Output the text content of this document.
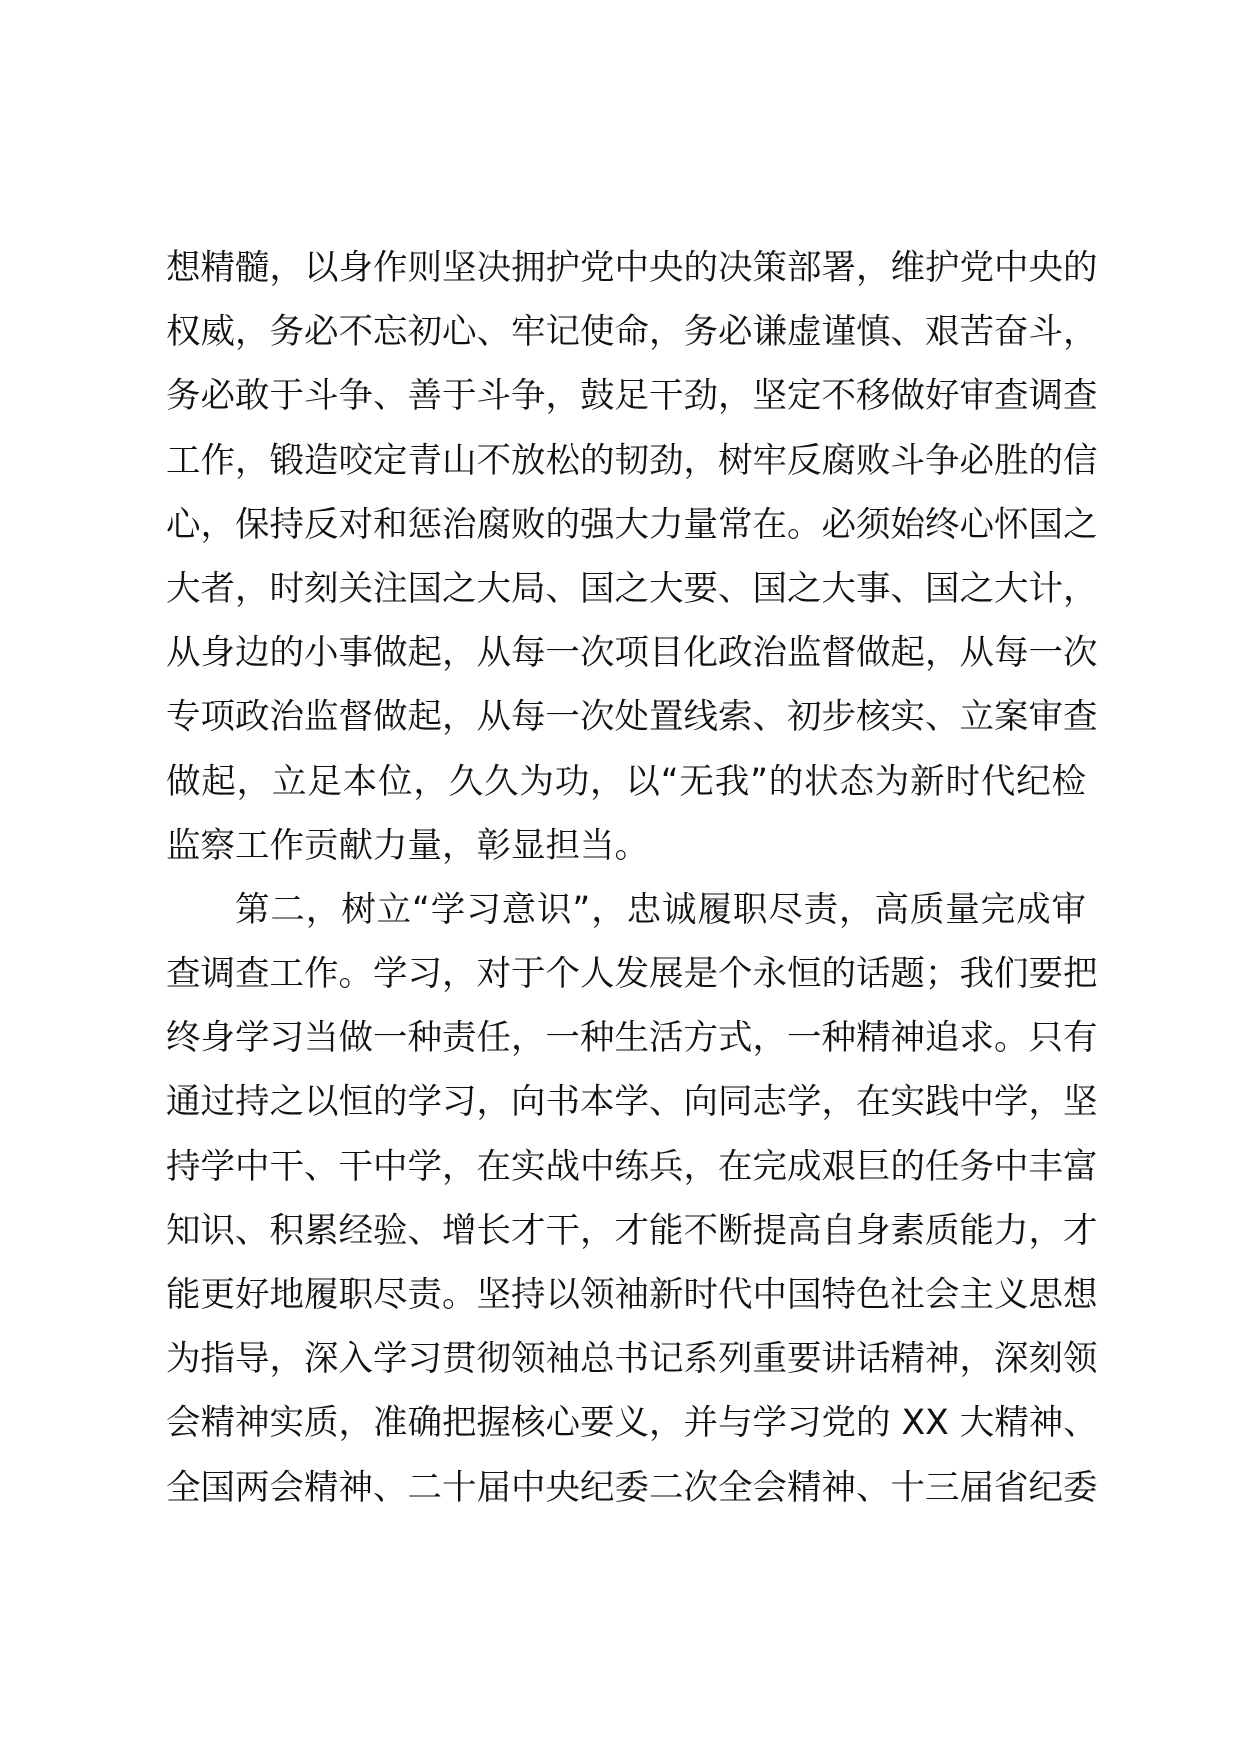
想精髓，以身作则坚决拥护党中央的决策部署，维护党中央的
权威，务必不忘初心、牢记使命，务必谦虚谨慎、艰苦奋斗，
务必敢于斗争、善于斗争，鼓足干劲，坚定不移做好审查调查
工作，锻造咬定青山不放松的韧劲，树牢反腐败斗争必胜的信
心，保持反对和惩治腐败的强大力量常在。必须始终心怀国之
大者，时刻关注国之大局、国之大要、国之大事、国之大计，
从身边的小事做起，从每一次项目化政治监督做起，从每一次
专项政治监督做起，从每一次处置线索、初步核实、立案审查
做起，立足本位，久久为功，以“无我”的状态为新时代纪检
监察工作贡献力量，彰显担当。
第二，树立“学习意识”，忠诚履职尽责，高质量完成审
查调查工作。学习，对于个人发展是个永恒的话题；我们要把
终身学习当做一种责任，一种生活方式，一种精神追求。只有
通过持之以恒的学习，向书本学、向同志学，在实践中学，坚
持学中干、干中学，在实战中练兵，在完成艰巨的任务中丰富
知识、积累经验、增长才干，才能不断提高自身素质能力，才
能更好地履职尽责。坚持以领袖新时代中国特色社会主义思想
为指导，深入学习贯彻领袖总书记系列重要讲话精神，深刻领
会精神实质，准确把握核心要义，并与学习党的 XX 大精神、
全国两会精神、二十届中央纪委二次全会精神、十三届省纪委
